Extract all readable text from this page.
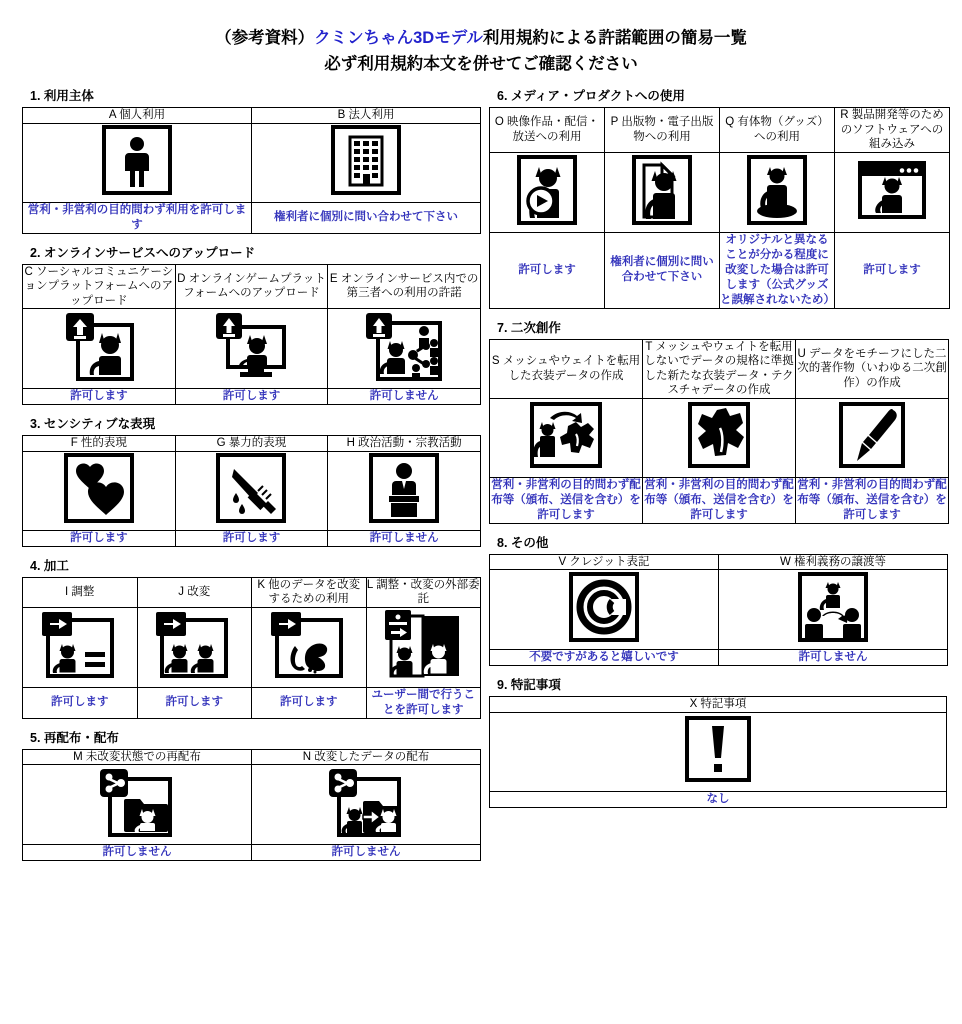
（参考資料）クミンちゃん3Dモデル利用規約による許諾範囲の簡易一覧
必ず利用規約本文を併せてご確認ください
1. 利用主体
A 個人利用	B 法人利用

営利・非営利の目的問わず利用を許可します	権利者に個別に問い合わせて下さい
2. オンラインサービスへのアップロード
C ソーシャルコミュニケーションプラットフォームへのアップロード	D オンラインゲームプラットフォームへのアップロード	E オンラインサービス内での第三者への利用の許諾

許可します	許可します	許可しません
3. センシティブな表現
F 性的表現	G 暴力的表現	H 政治活動・宗教活動

許可します	許可します	許可しません
4. 加工
I 調整	J 改変	K 他のデータを改変するための利用	L 調整・改変の外部委託

許可します	許可します	許可します	ユーザー間で行うことを許可します
5. 再配布・配布
M 未改変状態での再配布	N 改変したデータの配布

許可しません	許可しません
6. メディア・プロダクトへの使用
O 映像作品・配信・放送への利用	P 出版物・電子出版物への利用	Q 有体物（グッズ）への利用	R 製品開発等のためのソフトウェアへの組み込み

許可します	権利者に個別に問い合わせて下さい	オリジナルと異なることが分かる程度に改変した場合は許可します（公式グッズと誤解されないため）	許可します
7. 二次創作
S メッシュやウェイトを転用した衣装データの作成	T メッシュやウェイトを転用しないでデータの規格に準拠した新たな衣装データ・テクスチャデータの作成	U データをモチーフにした二次的著作物（いわゆる二次創作）の作成

営利・非営利の目的問わず配布等（頒布、送信を含む）を許可します	営利・非営利の目的問わず配布等（頒布、送信を含む）を許可します	営利・非営利の目的問わず配布等（頒布、送信を含む）を許可します
8. その他
V クレジット表記	W 権利義務の譲渡等

不要ですがあると嬉しいです	許可しません
9. 特記事項
X 特記事項

なし
